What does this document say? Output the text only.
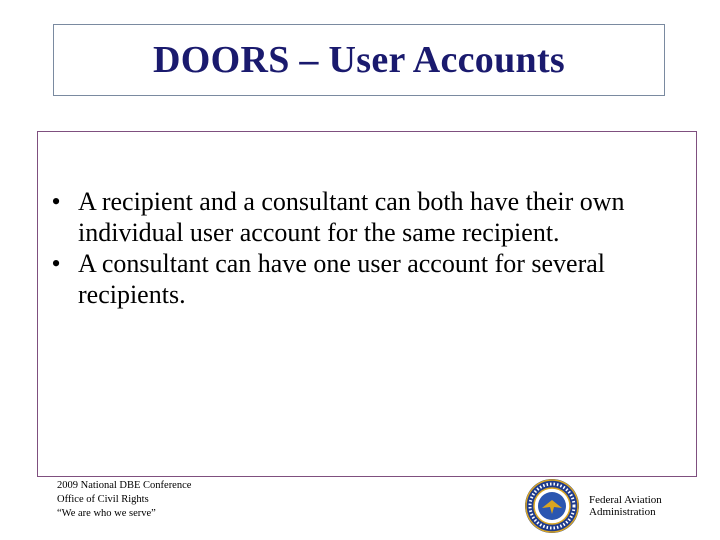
DOORS – User Accounts
• A recipient and a consultant can both have their own individual user account for the same recipient.
• A consultant can have one user account for several recipients.
2009 National DBE Conference
Office of Civil Rights
“We are who we serve”
Federal Aviation
Administration
